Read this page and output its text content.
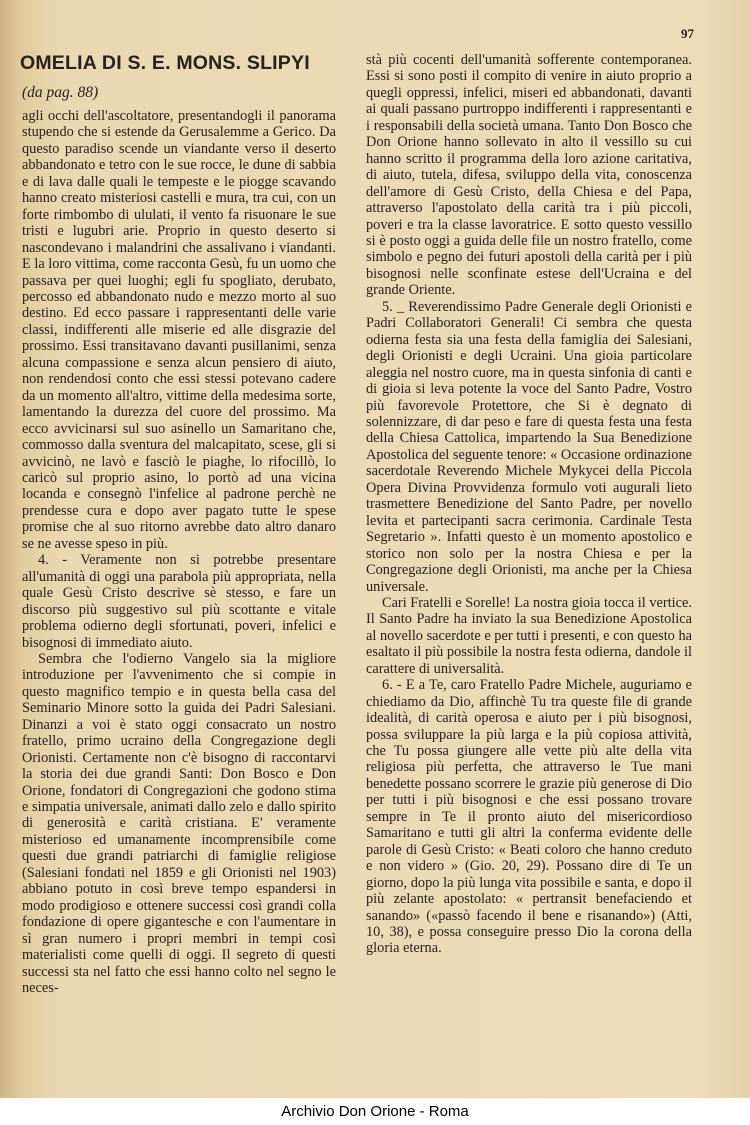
97
OMELIA DI S. E. MONS. SLIPYI
(da pag. 88)

agli occhi dell'ascoltatore, presentandogli il panorama stupendo che si estende da Gerusalemme a Gerico. Da questo paradiso scende un viandante verso il deserto abbandonato e tetro con le sue rocce, le dune di sabbia e di lava dalle quali le tempeste e le piogge scavando hanno creato misteriosi castelli e mura, tra cui, con un forte rimbombo di ululati, il vento fa risuonare le sue tristi e lugubri arie. Proprio in questo deserto si nascondevano i malandrini che assalivano i viandanti. E la loro vittima, come racconta Gesù, fu un uomo che passava per quei luoghi; egli fu spogliato, derubato, percosso ed abbandonato nudo e mezzo morto al suo destino. Ed ecco passare i rappresentanti delle varie classi, indifferenti alle miserie ed alle disgrazie del prossimo. Essi transitavano davanti pusillanimi, senza alcuna compassione e senza alcun pensiero di aiuto, non rendendosi conto che essi stessi potevano cadere da un momento all'altro, vittime della medesima sorte, lamentando la durezza del cuore del prossimo. Ma ecco avvicinarsi sul suo asinello un Samaritano che, commosso dalla sventura del malcapitato, scese, gli si avvicinò, ne lavò e fasciò le piaghe, lo rifocillò, lo caricò sul proprio asino, lo portò ad una vicina locanda e consegnò l'infelice al padrone perchè ne prendesse cura e dopo aver pagato tutte le spese promise che al suo ritorno avrebbe dato altro danaro se ne avesse speso in più.

4. - Veramente non si potrebbe presentare all'umanità di oggi una parabola più appropriata, nella quale Gesù Cristo descrive sè stesso, e fare un discorso più suggestivo sul più scottante e vitale problema odierno degli sfortunati, poveri, infelici e bisognosi di immediato aiuto.

Sembra che l'odierno Vangelo sia la migliore introduzione per l'avvenimento che si compie in questo magnifico tempio e in questa bella casa del Seminario Minore sotto la guida dei Padri Salesiani. Dinanzi a voi è stato oggi consacrato un nostro fratello, primo ucraino della Congregazione degli Orionisti. Certamente non c'è bisogno di raccontarvi la storia dei due grandi Santi: Don Bosco e Don Orione, fondatori di Congregazioni che godono stima e simpatia universale, animati dallo zelo e dallo spirito di generosità e carità cristiana. E' veramente misterioso ed umanamente incomprensibile come questi due grandi patriarchi di famiglie religiose (Salesiani fondati nel 1859 e gli Orionisti nel 1903) abbiano potuto in così breve tempo espandersi in modo prodigioso e ottenere successi così grandi colla fondazione di opere gigantesche e con l'aumentare in sì gran numero i propri membri in tempi così materialisti come quelli di oggi. Il segreto di questi successi sta nel fatto che essi hanno colto nel segno le neces-

stà più cocenti dell'umanità sofferente contemporanea. Essi si sono posti il compito di venire in aiuto proprio a quegli oppressi, infelici, miseri ed abbandonati, davanti ai quali passano purtroppo indifferenti i rappresentanti e i responsabili della società umana. Tanto Don Bosco che Don Orione hanno sollevato in alto il vessillo su cui hanno scritto il programma della loro azione caritativa, di aiuto, tutela, difesa, sviluppo della vita, conoscenza dell'amore di Gesù Cristo, della Chiesa e del Papa, attraverso l'apostolato della carità tra i più piccoli, poveri e tra la classe lavoratrice. E sotto questo vessillo si è posto oggi a guida delle file un nostro fratello, come simbolo e pegno dei futuri apostoli della carità per i più bisognosi nelle sconfinate estese dell'Ucraina e del grande Oriente.

5. _ Reverendissimo Padre Generale degli Orionisti e Padri Collaboratori Generali! Ci sembra che questa odierna festa sia una festa della famiglia dei Salesiani, degli Orionisti e degli Ucraini. Una gioia particolare aleggia nel nostro cuore, ma in questa sinfonia di canti e di gioia si leva potente la voce del Santo Padre, Vostro più favorevole Protettore, che Si è degnato di solennizzare, di dar peso e fare di questa festa una festa della Chiesa Cattolica, impartendo la Sua Benedizione Apostolica del seguente tenore: « Occasione ordinazione sacerdotale Reverendo Michele Mykycei della Piccola Opera Divina Provvidenza formulo voti augurali lieto trasmettere Benedizione del Santo Padre, per novello levita et partecipanti sacra cerimonia. Cardinale Testa Segretario ». Infatti questo è un momento apostolico e storico non solo per la nostra Chiesa e per la Congregazione degli Orionisti, ma anche per la Chiesa universale.

Cari Fratelli e Sorelle! La nostra gioia tocca il vertice. Il Santo Padre ha inviato la sua Benedizione Apostolica al novello sacerdote e per tutti i presenti, e con questo ha esaltato il più possibile la nostra festa odierna, dandole il carattere di universalità.

6. - E a Te, caro Fratello Padre Michele, auguriamo e chiediamo da Dio, affinchè Tu tra queste file di grande idealità, di carità operosa e aiuto per i più bisognosi, possa sviluppare la più larga e la più copiosa attività, che Tu possa giungere alle vette più alte della vita religiosa più perfetta, che attraverso le Tue mani benedette possano scorrere le grazie più generose di Dio per tutti i più bisognosi e che essi possano trovare sempre in Te il pronto aiuto del misericordioso Samaritano e tutti gli altri la conferma evidente delle parole di Gesù Cristo: « Beati coloro che hanno creduto e non videro » (Gio. 20, 29). Possano dire di Te un giorno, dopo la più lunga vita possibile e santa, e dopo il più zelante apostolato: « pertransit benefaciendo et sanando» («passò facendo il bene e risanando») (Atti, 10, 38), e possa conseguire presso Dio la corona della gloria eterna.

Archivio Don Orione - Roma
